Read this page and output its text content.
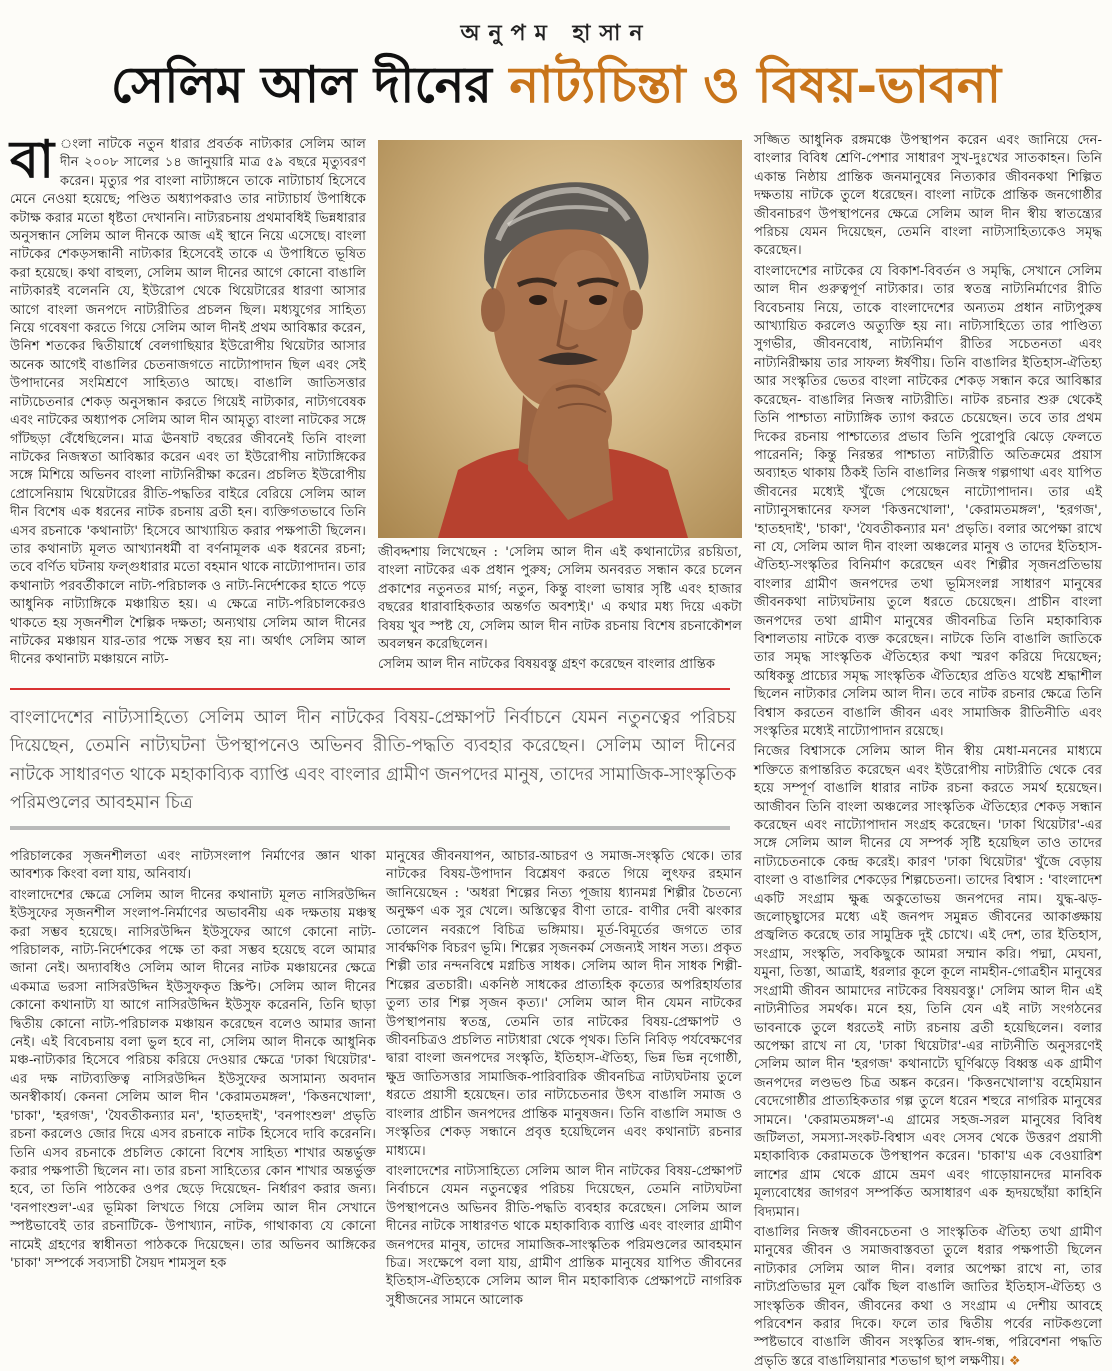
অনুপম হাসান
সেলিম আল দীনের নাট্যচিন্তা ও বিষয়-ভাবনা

বা ংলা নাটকে নতুন ধারার প্রবর্তক নাট্যকার সেলিম আল দীন ২০০৮ সালের ১৪ জানুয়ারি মাত্র ৫৯ বছরে মৃত্যুবরণ করেন। মৃত্যুর পর বাংলা নাট্যাঙ্গনে তাকে নাট্যাচার্য হিসেবে মেনে নেওয়া হয়েছে; পণ্ডিত অধ্যাপকরাও তার নাট্যাচার্য উপাধিকে কটাক্ষ করার মতো ধৃষ্টতা দেখাননি। নাট্যরচনায় প্রথমাবধিই ভিন্নধারার অনুসন্ধান সেলিম আল দীনকে আজ এই স্থানে নিয়ে এসেছে। বাংলা নাটকের শেকড়সন্ধানী নাট্যকার হিসেবেই তাকে এ উপাধিতে ভূষিত করা হয়েছে। কথা বাহুল্য, সেলিম আল দীনের আগে কোনো বাঙালি নাট্যকারই বলেননি যে, ইউরোপ থেকে থিয়েটারের ধারণা আসার আগে বাংলা জনপদে নাট্যরীতির প্রচলন ছিল। মধ্যযুগের সাহিত্য নিয়ে গবেষণা করতে গিয়ে সেলিম আল দীনই প্রথম আবিষ্কার করেন, উনিশ শতকের দ্বিতীয়ার্ধে বেলগাছিয়ার ইউরোপীয় থিয়েটার আসার অনেক আগেই বাঙালির চেতনাজগতে নাট্যোপাদান ছিল এবং সেই উপাদানের সংমিশ্রণে সাহিত্যও আছে। বাঙালি জাতিসত্তার নাট্যচেতনার শেকড় অনুসন্ধান করতে গিয়েই নাট্যকার, নাট্যগবেষক এবং নাটকের অধ্যাপক সেলিম আল দীন আমৃত্যু বাংলা নাটকের সঙ্গে গাঁটছড়া বেঁধেছিলেন। মাত্র ঊনষাট বছরের জীবনেই তিনি বাংলা নাটকের নিজস্বতা আবিষ্কার করেন এবং তা ইউরোপীয় নাট্যাঙ্গিকের সঙ্গে মিশিয়ে অভিনব বাংলা নাট্যনিরীক্ষা করেন। প্রচলিত ইউরোপীয় প্রোসেনিয়াম থিয়েটারের রীতি-পদ্ধতির বাইরে বেরিয়ে সেলিম আল দীন বিশেষ এক ধরনের নাটক রচনায় ব্রতী হন। ব্যক্তিগতভাবে তিনি এসব রচনাকে 'কথানাট্য' হিসেবে আখ্যায়িত করার পক্ষপাতী ছিলেন। তার কথানাট্য মূলত আখ্যানধর্মী বা বর্ণনামূলক এক ধরনের রচনা; তবে বর্ণিত ঘটনায় ফল্গুধারার মতো বহমান থাকে নাট্যোপাদান। তার কথানাট্য পরবর্তীকালে নাট্য-পরিচালক ও নাট্য-নির্দেশকের হাতে পড়ে আধুনিক নাট্যাঙ্গিকে মঞ্চায়িত হয়। এ ক্ষেত্রে নাট্য-পরিচালকেরও থাকতে হয় সৃজনশীল শৈল্পিক দক্ষতা; অন্যথায় সেলিম আল দীনের নাটকের মঞ্চায়ন যার-তার পক্ষে সম্ভব হয় না। অর্থাৎ সেলিম আল দীনের কথানাট্য মঞ্চায়নে নাট্য-

জীবদ্দশায় লিখেছেন : 'সেলিম আল দীন এই কথানাট্যের রচয়িতা, বাংলা নাটকের এক প্রধান পুরুষ; সেলিম অনবরত সন্ধান করে চলেন প্রকাশের নতুনতর মার্গ; নতুন, কিন্তু বাংলা ভাষার সৃষ্টি এবং হাজার বছরের ধারাবাহিকতার অন্তর্গত অবশ্যই।' এ কথার মধ্য দিয়ে একটা বিষয় খুব স্পষ্ট যে, সেলিম আল দীন নাটক রচনায় বিশেষ রচনাকৌশল অবলম্বন করেছিলেন।

সেলিম আল দীন নাটকের বিষয়বস্তু গ্রহণ করেছেন বাংলার প্রান্তিক

বাংলাদেশের নাট্যসাহিত্যে সেলিম আল দীন নাটকের বিষয়-প্রেক্ষাপট নির্বাচনে যেমন নতুনত্বের পরিচয় দিয়েছেন, তেমনি নাট্যঘটনা উপস্থাপনেও অভিনব রীতি-পদ্ধতি ব্যবহার করেছেন। সেলিম আল দীনের নাটকে সাধারণত থাকে মহাকাব্যিক ব্যাপ্তি এবং বাংলার গ্রামীণ জনপদের মানুষ, তাদের সামাজিক-সাংস্কৃতিক পরিমণ্ডলের আবহমান চিত্র

পরিচালকের সৃজনশীলতা এবং নাট্যসংলাপ নির্মাণের জ্ঞান থাকা আবশ্যক কিংবা বলা যায়, অনিবার্য।

বাংলাদেশের ক্ষেত্রে সেলিম আল দীনের কথানাট্য মূলত নাসিরউদ্দিন ইউসুফের সৃজনশীল সংলাপ-নির্মাণের অভাবনীয় এক দক্ষতায় মঞ্চস্থ করা সম্ভব হয়েছে। নাসিরউদ্দিন ইউসুফের আগে কোনো নাট্য-পরিচালক, নাট্য-নির্দেশকের পক্ষে তা করা সম্ভব হয়েছে বলে আমার জানা নেই। অদ্যাবধিও সেলিম আল দীনের নাটক মঞ্চায়নের ক্ষেত্রে একমাত্র ভরসা নাসিরউদ্দিন ইউসুফকৃত স্ক্রিপ্ট। সেলিম আল দীনের কোনো কথানাট্য যা আগে নাসিরউদ্দিন ইউসুফ করেননি, তিনি ছাড়া দ্বিতীয় কোনো নাট্য-পরিচালক মঞ্চায়ন করেছেন বলেও আমার জানা নেই। এই বিবেচনায় বলা ভুল হবে না, সেলিম আল দীনকে আধুনিক মঞ্চ-নাট্যকার হিসেবে পরিচয় করিয়ে দেওয়ার ক্ষেত্রে 'ঢাকা থিয়েটার'-এর দক্ষ নাট্যব্যক্তিত্ব নাসিরউদ্দিন ইউসুফের অসামান্য অবদান অনস্বীকার্য। কেননা সেলিম আল দীন 'কেরামতমঙ্গল', 'কিত্তনখোলা', 'চাকা', 'হরগজ', 'যৈবতীকন্যার মন', 'হাতহদাই', 'বনপাংশুল' প্রভৃতি রচনা করলেও জোর দিয়ে এসব রচনাকে নাটক হিসেবে দাবি করেননি। তিনি এসব রচনাকে প্রচলিত কোনো বিশেষ সাহিত্য শাখার অন্তর্ভুক্ত করার পক্ষপাতী ছিলেন না। তার রচনা সাহিত্যের কোন শাখার অন্তর্ভুক্ত হবে, তা তিনি পাঠকের ওপর ছেড়ে দিয়েছেন- নির্ধারণ করার জন্য। 'বনপাংশুল'-এর ভূমিকা লিখতে গিয়ে সেলিম আল দীন সেখানে স্পষ্টভাবেই তার রচনাটিকে- উপাখ্যান, নাটক, গাথাকাব্য যে কোনো নামেই গ্রহণের স্বাধীনতা পাঠককে দিয়েছেন। তার অভিনব আঙ্গিকের 'চাকা' সম্পর্কে সব্যসাচী সৈয়দ শামসুল হক

মানুষের জীবনযাপন, আচার-আচরণ ও সমাজ-সংস্কৃতি থেকে। তার নাটকের বিষয়-উপাদান বিশ্লেষণ করতে গিয়ে লুৎফর রহমান জানিয়েছেন : 'অধরা শিল্পের নিত্য পূজায় ধ্যানমগ্ন শিল্পীর চৈতন্যে অনুক্ষণ এক সুর খেলে। অস্তিত্বের বীণা তারে- বাণীর দেবী ঝংকার তোলেন নবরূপে বিচিত্র ভঙ্গিমায়। মূর্ত-বিমূর্তের জগতে তার সার্বক্ষণিক বিচরণ ভূমি। শিল্পের সৃজনকর্ম সেজন্যই সাধন সত্য। প্রকৃত শিল্পী তার নন্দনবিশ্বে মগ্নচিত্ত সাধক। সেলিম আল দীন সাধক শিল্পী-শিল্পের ব্রতচারী। একনিষ্ঠ সাধকের প্রাত্যহিক কৃত্যের অপরিহার্যতার তুল্য তার শিল্প সৃজন কৃত্য।' সেলিম আল দীন যেমন নাটকের উপস্থাপনায় স্বতন্ত্র, তেমনি তার নাটকের বিষয়-প্রেক্ষাপট ও জীবনচিত্রও প্রচলিত নাট্যধারা থেকে পৃথক। তিনি নিবিড় পর্যবেক্ষণের দ্বারা বাংলা জনপদের সংস্কৃতি, ইতিহাস-ঐতিহ্য, ভিন্ন ভিন্ন নৃগোষ্ঠী, ক্ষুদ্র জাতিসত্তার সামাজিক-পারিবারিক জীবনচিত্র নাট্যঘটনায় তুলে ধরতে প্রয়াসী হয়েছেন। তার নাট্যচেতনার উৎস বাঙালি সমাজ ও বাংলার প্রাচীন জনপদের প্রান্তিক মানুষজন। তিনি বাঙালি সমাজ ও সংস্কৃতির শেকড় সন্ধানে প্রবৃত্ত হয়েছিলেন এবং কথানাট্য রচনার মাধ্যমে।

বাংলাদেশের নাট্যসাহিত্যে সেলিম আল দীন নাটকের বিষয়-প্রেক্ষাপট নির্বাচনে যেমন নতুনত্বের পরিচয় দিয়েছেন, তেমনি নাট্যঘটনা উপস্থাপনেও অভিনব রীতি-পদ্ধতি ব্যবহার করেছেন। সেলিম আল দীনের নাটকে সাধারণত থাকে মহাকাব্যিক ব্যাপ্তি এবং বাংলার গ্রামীণ জনপদের মানুষ, তাদের সামাজিক-সাংস্কৃতিক পরিমণ্ডলের আবহমান চিত্র। সংক্ষেপে বলা যায়, গ্রামীণ প্রান্তিক মানুষের যাপিত জীবনের ইতিহাস-ঐতিহ্যকে সেলিম আল দীন মহাকাব্যিক প্রেক্ষাপটে নাগরিক সুধীজনের সামনে আলোক

সজ্জিত আধুনিক রঙ্গমঞ্চে উপস্থাপন করেন এবং জানিয়ে দেন- বাংলার বিবিধ শ্রেণি-পেশার সাধারণ সুখ-দুঃখের সাতকাহন। তিনি একান্ত নিষ্ঠায় প্রান্তিক জনমানুষের নিত্যকার জীবনকথা শিল্পিত দক্ষতায় নাটকে তুলে ধরেছেন। বাংলা নাটকে প্রান্তিক জনগোষ্ঠীর জীবনাচরণ উপস্থাপনের ক্ষেত্রে সেলিম আল দীন স্বীয় স্বাতন্ত্র্যের পরিচয় যেমন দিয়েছেন, তেমনি বাংলা নাট্যসাহিত্যকেও সমৃদ্ধ করেছেন।

বাংলাদেশের নাটকের যে বিকাশ-বিবর্তন ও সমৃদ্ধি, সেখানে সেলিম আল দীন গুরুত্বপূর্ণ নাট্যকার। তার স্বতন্ত্র নাট্যনির্মাণের রীতি বিবেচনায় নিয়ে, তাকে বাংলাদেশের অন্যতম প্রধান নাট্যপুরুষ আখ্যায়িত করলেও অত্যুক্তি হয় না। নাট্যসাহিত্যে তার পাণ্ডিত্য সুগভীর, জীবনবোধ, নাট্যনির্মাণ রীতির সচেতনতা এবং নাট্যনিরীক্ষায় তার সাফল্য ঈর্ষণীয়। তিনি বাঙালির ইতিহাস-ঐতিহ্য আর সংস্কৃতির ভেতর বাংলা নাটকের শেকড় সন্ধান করে আবিষ্কার করেছেন- বাঙালির নিজস্ব নাট্যরীতি। নাটক রচনার শুরু থেকেই তিনি পাশ্চাত্য নাট্যাঙ্গিক ত্যাগ করতে চেয়েছেন। তবে তার প্রথম দিকের রচনায় পাশ্চাত্যের প্রভাব তিনি পুরোপুরি ঝেড়ে ফেলতে পারেননি; কিন্তু নিরন্তর পাশ্চাত্য নাট্যরীতি অতিক্রমের প্রয়াস অব্যাহত থাকায় ঠিকই তিনি বাঙালির নিজস্ব গল্পগাথা এবং যাপিত জীবনের মধ্যেই খুঁজে পেয়েছেন নাট্যোপাদান। তার এই নাট্যানুসন্ধানের ফসল 'কিত্তনখোলা', 'কেরামতমঙ্গল', 'হরগজ', 'হাতহদাই', 'চাকা', 'যৈবতীকন্যার মন' প্রভৃতি। বলার অপেক্ষা রাখে না যে, সেলিম আল দীন বাংলা অঞ্চলের মানুষ ও তাদের ইতিহাস-ঐতিহ্য-সংস্কৃতির বিনির্মাণ করেছেন এবং শিল্পীর সৃজনপ্রতিভায় বাংলার গ্রামীণ জনপদের তথা ভূমিসংলগ্ন সাধারণ মানুষের জীবনকথা নাট্যঘটনায় তুলে ধরতে চেয়েছেন। প্রাচীন বাংলা জনপদের তথা গ্রামীণ মানুষের জীবনচিত্র তিনি মহাকাব্যিক বিশালতায় নাটকে ব্যক্ত করেছেন। নাটকে তিনি বাঙালি জাতিকে তার সমৃদ্ধ সাংস্কৃতিক ঐতিহ্যের কথা স্মরণ করিয়ে দিয়েছেন; অধিকন্তু প্রাচ্যের সমৃদ্ধ সাংস্কৃতিক ঐতিহ্যের প্রতিও যথেষ্ট শ্রদ্ধাশীল ছিলেন নাট্যকার সেলিম আল দীন। তবে নাটক রচনার ক্ষেত্রে তিনি বিশ্বাস করতেন বাঙালি জীবন এবং সামাজিক রীতিনীতি এবং সংস্কৃতির মধ্যেই নাট্যোপাদান রয়েছে।

নিজের বিশ্বাসকে সেলিম আল দীন স্বীয় মেধা-মননের মাধ্যমে শক্তিতে রূপান্তরিত করেছেন এবং ইউরোপীয় নাট্যরীতি থেকে বের হয়ে সম্পূর্ণ বাঙালি ধারার নাটক রচনা করতে সমর্থ হয়েছেন। আজীবন তিনি বাংলা অঞ্চলের সাংস্কৃতিক ঐতিহ্যের শেকড় সন্ধান করেছেন এবং নাট্যোপাদান সংগ্রহ করেছেন। 'ঢাকা থিয়েটার'-এর সঙ্গে সেলিম আল দীনের যে সম্পর্ক সৃষ্টি হয়েছিল তাও তাদের নাট্যচেতনাকে কেন্দ্র করেই। কারণ 'ঢাকা থিয়েটার' খুঁজে বেড়ায় বাংলা ও বাঙালির শেকড়ের শিল্পচেতনা। তাদের বিশ্বাস : 'বাংলাদেশ একটি সংগ্রাম ক্ষুব্ধ অকুতোভয় জনপদের নাম। যুদ্ধ-ঝড়-জলোচ্ছ্বাসের মধ্যে এই জনপদ সমুন্নত জীবনের আকাঙ্ক্ষায় প্রজ্বলিত করেছে তার সামুদ্রিক দুই চোখে। এই দেশ, তার ইতিহাস, সংগ্রাম, সংস্কৃতি, সবকিছুকে আমরা সম্মান করি। পদ্মা, মেঘনা, যমুনা, তিস্তা, আত্রাই, ধরলার কূলে কূলে নামহীন-গোত্রহীন মানুষের সংগ্রামী জীবন আমাদের নাটকের বিষয়বস্তু।' সেলিম আল দীন এই নাট্যনীতির সমর্থক। মনে হয়, তিনি যেন এই নাট্য সংগঠনের ভাবনাকে তুলে ধরতেই নাট্য রচনায় ব্রতী হয়েছিলেন। বলার অপেক্ষা রাখে না যে, 'ঢাকা থিয়েটার'-এর নাট্যনীতি অনুসরণেই সেলিম আল দীন 'হরগজ' কথানাট্যে ঘূর্ণিঝড়ে বিধ্বস্ত এক গ্রামীণ জনপদের লণ্ডভণ্ড চিত্র অঙ্কন করেন। 'কিত্তনখোলা'য় বহেমিয়ান বেদেগোষ্ঠীর প্রাত্যহিকতার গল্প তুলে ধরেন শহুরে নাগরিক মানুষের সামনে। 'কেরামতমঙ্গল'-এ গ্রামের সহজ-সরল মানুষের বিবিধ জটিলতা, সমস্যা-সংকট-বিশ্বাস এবং সেসব থেকে উত্তরণ প্রয়াসী মহাকাব্যিক কেরামতকে উপস্থাপন করেন। 'চাকা'য় এক বেওয়ারিশ লাশের গ্রাম থেকে গ্রামে ভ্রমণ এবং গাড়োয়ানদের মানবিক মূল্যবোধের জাগরণ সম্পর্কিত অসাধারণ এক হৃদয়ছোঁয়া কাহিনি বিদ্যমান।

বাঙালির নিজস্ব জীবনচেতনা ও সাংস্কৃতিক ঐতিহ্য তথা গ্রামীণ মানুষের জীবন ও সমাজবাস্তবতা তুলে ধরার পক্ষপাতী ছিলেন নাট্যকার সেলিম আল দীন। বলার অপেক্ষা রাখে না, তার নাট্যপ্রতিভার মূল ঝোঁক ছিল বাঙালি জাতির ইতিহাস-ঐতিহ্য ও সাংস্কৃতিক জীবন, জীবনের কথা ও সংগ্রাম এ দেশীয় আবহে পরিবেশন করার দিকে। ফলে তার দ্বিতীয় পর্বের নাটকগুলো স্পষ্টভাবে বাঙালি জীবন সংস্কৃতির স্বাদ-গন্ধ, পরিবেশনা পদ্ধতি প্রভৃতি স্তরে বাঙালিয়ানার শতভাগ ছাপ লক্ষণীয়। ❖
